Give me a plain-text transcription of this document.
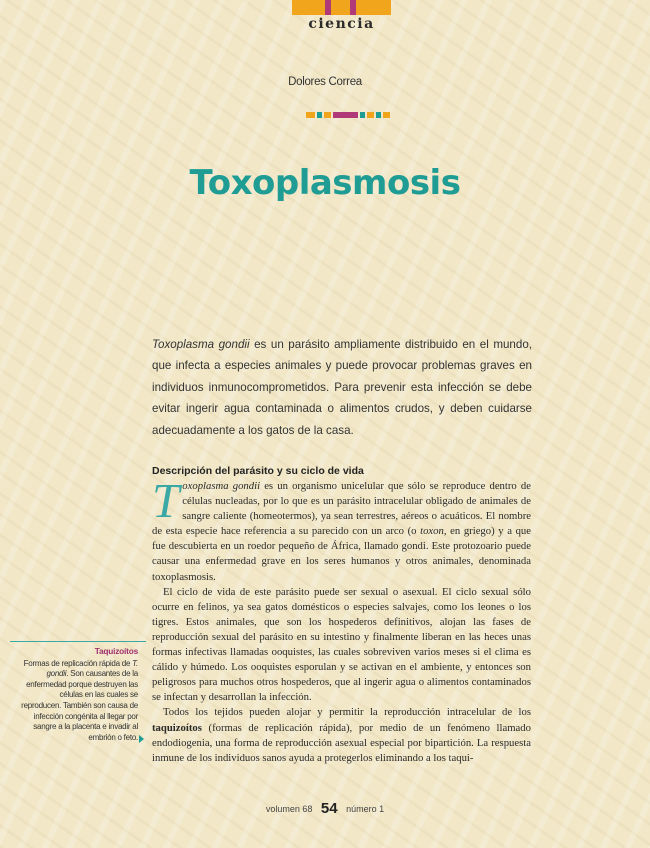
ciencia
Dolores Correa
Toxoplasmosis

Toxoplasma gondii es un parásito ampliamente distribuido en el mundo, que infecta a especies animales y puede provocar problemas graves en individuos inmunocomprometidos. Para prevenir esta infección se debe evitar ingerir agua contaminada o alimentos crudos, y deben cuidarse adecuadamente a los gatos de la casa.

Descripción del parásito y su ciclo de vida

Toxoplasma gondii es un organismo unicelular que sólo se reproduce dentro de células nucleadas, por lo que es un parásito intracelular obligado de animales de sangre caliente (homeotermos), ya sean terrestres, aéreos o acuáticos. El nombre de esta especie hace referencia a su parecido con un arco (o toxon, en griego) y a que fue descubierta en un roedor pequeño de África, llamado gondi. Este protozoario puede causar una enfermedad grave en los seres humanos y otros animales, denominada toxoplasmosis.

El ciclo de vida de este parásito puede ser sexual o asexual. El ciclo sexual sólo ocurre en felinos, ya sea gatos domésticos o especies salvajes, como los leones o los tigres. Estos animales, que son los hospederos definitivos, alojan las fases de reproducción sexual del parásito en su intestino y finalmente liberan en las heces unas formas infectivas llamadas ooquistes, las cuales sobreviven varios meses si el clima es cálido y húmedo. Los ooquistes esporulan y se activan en el ambiente, y entonces son peligrosos para muchos otros hospederos, que al ingerir agua o alimentos contaminados se infectan y desarrollan la infección.

Todos los tejidos pueden alojar y permitir la reproducción intracelular de los taquizoítos (formas de replicación rápida), por medio de un fenómeno llamado endodiogenia, una forma de reproducción asexual especial por bipartición. La respuesta inmune de los individuos sanos ayuda a protegerlos eliminando a los taqui-

Taquizoítos
Formas de replicación rápida de T. gondii. Son causantes de la enfermedad porque destruyen las células en las cuales se reproducen. También son causa de infección congénita al llegar por sangre a la placenta e invadir al embrión o feto.
volumen 68 54 número 1
